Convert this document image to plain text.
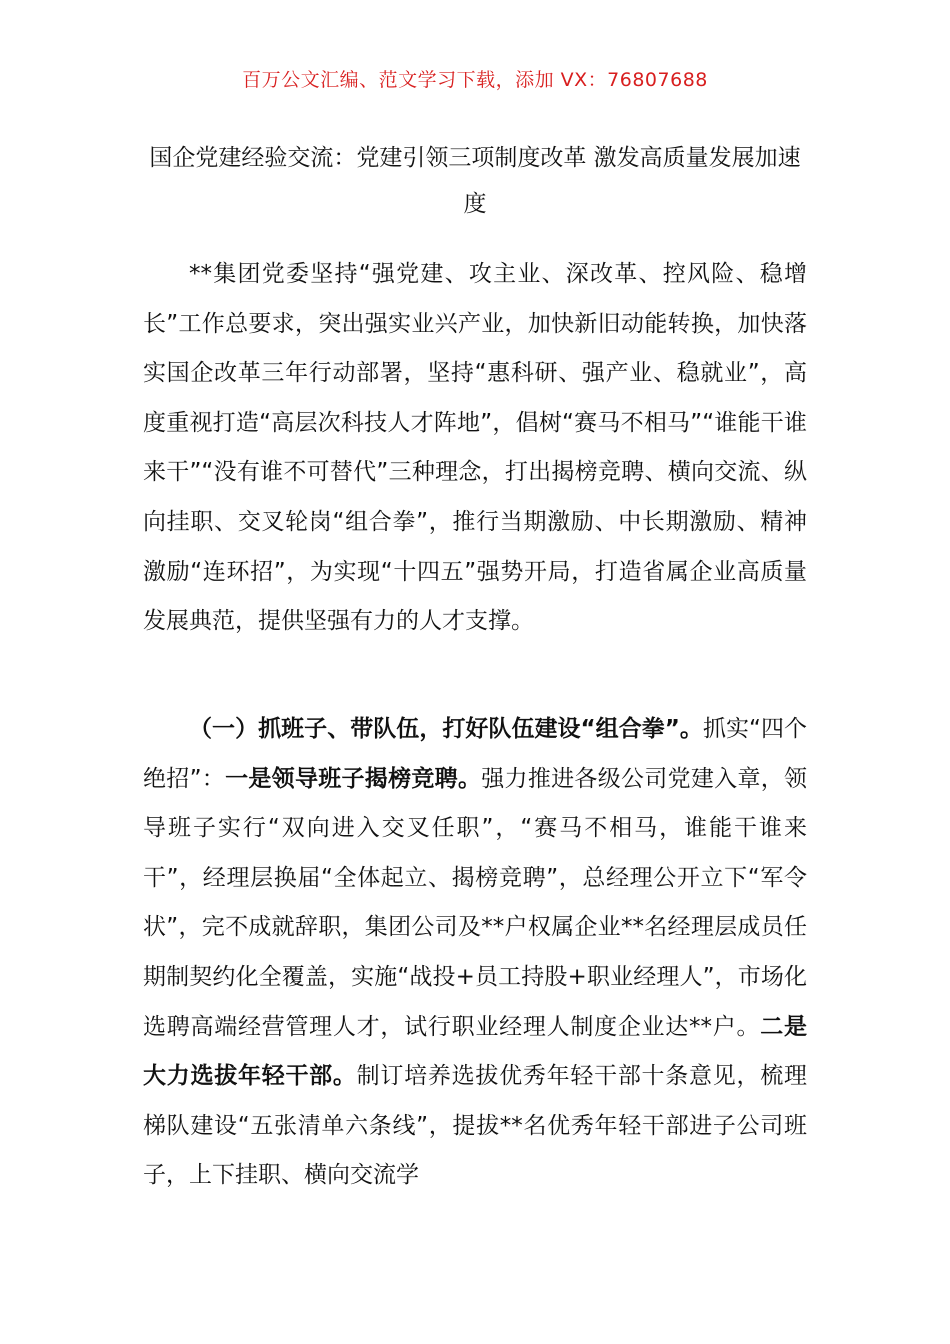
百万公文汇编、范文学习下载，添加 VX：76807688
国企党建经验交流：党建引领三项制度改革 激发高质量发展加速度

**集团党委坚持“强党建、攻主业、深改革、控风险、稳增长”工作总要求，突出强实业兴产业，加快新旧动能转换，加快落实国企改革三年行动部署，坚持“惠科研、强产业、稳就业”，高度重视打造“高层次科技人才阵地”，倡树“赛马不相马”“谁能干谁来干”“没有谁不可替代”三种理念，打出揭榜竞聘、横向交流、纵向挂职、交叉轮岗“组合拳”，推行当期激励、中长期激励、精神激励“连环招”，为实现“十四五”强势开局，打造省属企业高质量发展典范，提供坚强有力的人才支撑。

（一）抓班子、带队伍，打好队伍建设“组合拳”。抓实“四个绝招”：一是领导班子揭榜竞聘。强力推进各级公司党建入章，领导班子实行“双向进入交叉任职”，“赛马不相马，谁能干谁来干”，经理层换届“全体起立、揭榜竞聘”，总经理公开立下“军令状”，完不成就辞职，集团公司及**户权属企业**名经理层成员任期制契约化全覆盖，实施“战投+员工持股+职业经理人”，市场化选聘高端经营管理人才，试行职业经理人制度企业达**户。二是大力选拔年轻干部。制订培养选拔优秀年轻干部十条意见，梳理梯队建设“五张清单六条线”，提拔**名优秀年轻干部进子公司班子，上下挂职、横向交流学
